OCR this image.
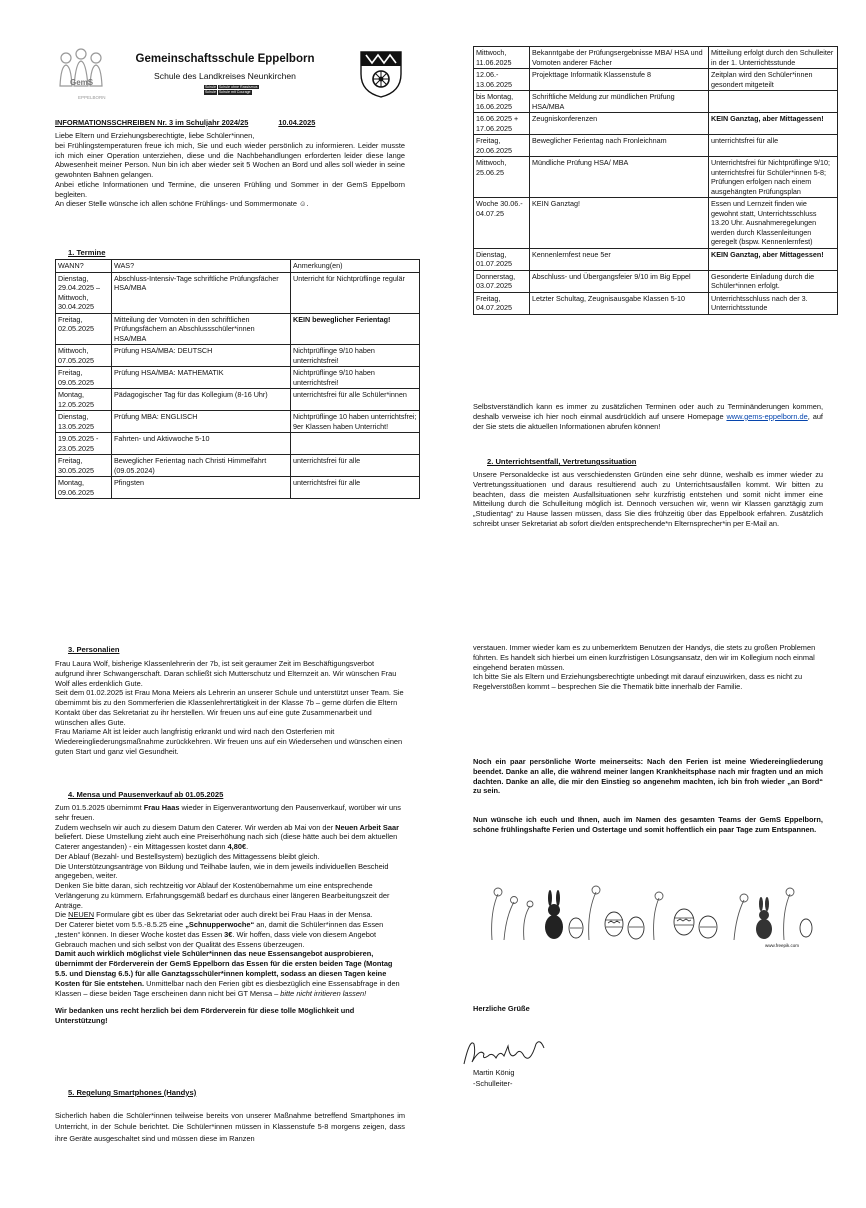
GemS
EPPELBORN
Gemeinschaftsschule Eppelborn
Schule des Landkreises Neunkirchen
Schule Schule ohne Rassismus
Schule Schule mit Courage
INFORMATIONSSCHREIBEN Nr. 3 im Schuljahr 2024/25	10.04.2025

Liebe Eltern und Erziehungsberechtigte, liebe Schüler*innen,

bei Frühlingstemperaturen freue ich mich, Sie und euch wieder persönlich zu informieren. Leider musste ich mich einer Operation unterziehen, diese und die Nachbehandlungen erforderten leider diese lange Abwesenheit meiner Person. Nun bin ich aber wieder seit 5 Wochen an Bord und alles soll wieder in seine gewohnten Bahnen gelangen.

Anbei etliche Informationen und Termine, die unseren Frühling und Sommer in der GemS Eppelborn begleiten.

An dieser Stelle wünsche ich allen schöne Frühlings- und Sommermonate ☺.

1. Termine
WANN?	WAS?	Anmerkung(en)
Dienstag, 29.04.2025 – Mittwoch, 30.04.2025	Abschluss-Intensiv-Tage schriftliche Prüfungsfächer HSA/MBA	Unterricht für Nichtprüflinge regulär
Freitag, 02.05.2025	Mitteilung der Vornoten in den schriftlichen Prüfungsfächern an Abschlussschüler*innen HSA/MBA	KEIN beweglicher Ferientag!
Mittwoch, 07.05.2025	Prüfung HSA/MBA: DEUTSCH	Nichtprüflinge 9/10 haben unterrichtsfrei!
Freitag, 09.05.2025	Prüfung HSA/MBA: MATHEMATIK	Nichtprüflinge 9/10 haben unterrichtsfrei!
Montag, 12.05.2025	Pädagogischer Tag für das Kollegium (8-16 Uhr)	unterrichtsfrei für alle Schüler*innen
Dienstag, 13.05.2025	Prüfung MBA: ENGLISCH	Nichtprüflinge 10 haben unterrichtsfrei; 9er Klassen haben Unterricht!
19.05.2025 - 23.05.2025	Fahrten- und Aktivwoche 5-10	
Freitag, 30.05.2025	Beweglicher Ferientag nach Christi Himmelfahrt (09.05.2024)	unterrichtsfrei für alle
Montag, 09.06.2025	Pfingsten	unterrichtsfrei für alle
Mittwoch, 11.06.2025	Bekanntgabe der Prüfungsergebnisse MBA/ HSA und Vornoten anderer Fächer	Mitteilung erfolgt durch den Schulleiter in der 1. Unterrichtsstunde
12.06.- 13.06.2025	Projekttage Informatik Klassenstufe 8	Zeitplan wird den Schüler*innen gesondert mitgeteilt
bis Montag, 16.06.2025	Schriftliche Meldung zur mündlichen Prüfung HSA/MBA	
16.06.2025 + 17.06.2025	Zeugniskonferenzen	KEIN Ganztag, aber Mittagessen!
Freitag, 20.06.2025	Beweglicher Ferientag nach Fronleichnam	unterrichtsfrei für alle
Mittwoch, 25.06.25	Mündliche Prüfung HSA/ MBA	Unterrichtsfrei für Nichtprüflinge 9/10; unterrichtsfrei für Schüler*innen 5-8; Prüfungen erfolgen nach einem ausgehängten Prüfungsplan
Woche 30.06.- 04.07.25	KEIN Ganztag!	Essen und Lernzeit finden wie gewohnt statt, Unterrichtsschluss 13.20 Uhr. Ausnahmeregelungen werden durch Klassenleitungen geregelt (bspw. Kennenlernfest)
Dienstag, 01.07.2025	Kennenlernfest neue 5er	KEIN Ganztag, aber Mittagessen!
Donnerstag, 03.07.2025	Abschluss- und Übergangsfeier 9/10 im Big Eppel	Gesonderte Einladung durch die Schüler*innen erfolgt.
Freitag, 04.07.2025	Letzter Schultag, Zeugnisausgabe Klassen 5-10	Unterrichtsschluss nach der 3. Unterrichtsstunde
Selbstverständlich kann es immer zu zusätzlichen Terminen oder auch zu Terminänderungen kommen, deshalb verweise ich hier noch einmal ausdrücklich auf unsere Homepage www.gems-eppelborn.de, auf der Sie stets die aktuellen Informationen abrufen können!
2. Unterrichtsentfall, Vertretungssituation
Unsere Personaldecke ist aus verschiedensten Gründen eine sehr dünne, weshalb es immer wieder zu Vertretungssituationen und daraus resultierend auch zu Unterrichtsausfällen kommt. Wir bitten zu beachten, dass die meisten Ausfallsituationen sehr kurzfristig entstehen und somit nicht immer eine Mitteilung durch die Schulleitung möglich ist. Dennoch versuchen wir, wenn wir Klassen ganztägig zum „Studientag“ zu Hause lassen müssen, dass Sie dies frühzeitig über das Eppelbook erfahren. Zusätzlich schreibt unser Sekretariat ab sofort die/den entsprechende*n Elternsprecher*in per E-Mail an.
3. Personalien

Frau Laura Wolf, bisherige Klassenlehrerin der 7b, ist seit geraumer Zeit im Beschäftigungsverbot aufgrund ihrer Schwangerschaft. Daran schließt sich Mutterschutz und Elternzeit an. Wir wünschen Frau Wolf alles erdenklich Gute.

Seit dem 01.02.2025 ist Frau Mona Meiers als Lehrerin an unserer Schule und unterstützt unser Team. Sie übernimmt bis zu den Sommerferien die Klassenlehrertätigkeit in der Klasse 7b – gerne dürfen die Eltern Kontakt über das Sekretariat zu ihr herstellen. Wir freuen uns auf eine gute Zusammenarbeit und wünschen alles Gute.

Frau Mariame Alt ist leider auch langfristig erkrankt und wird nach den Osterferien mit Wiedereingliederungsmaßnahme zurückkehren. Wir freuen uns auf ein Wiedersehen und wünschen einen guten Start und ganz viel Gesundheit.

4. Mensa und Pausenverkauf ab 01.05.2025

Zum 01.5.2025 übernimmt Frau Haas wieder in Eigenverantwortung den Pausenverkauf, worüber wir uns sehr freuen.

Zudem wechseln wir auch zu diesem Datum den Caterer. Wir werden ab Mai von der Neuen Arbeit Saar beliefert. Diese Umstellung zieht auch eine Preiserhöhung nach sich (diese hätte auch bei dem aktuellen Caterer angestanden) - ein Mittagessen kostet dann 4,80€.

Der Ablauf (Bezahl- und Bestellsystem) bezüglich des Mittagessens bleibt gleich.

Die Unterstützungsanträge von Bildung und Teilhabe laufen, wie in dem jeweils individuellen Bescheid angegeben, weiter.

Denken Sie bitte daran, sich rechtzeitig vor Ablauf der Kostenübernahme um eine entsprechende Verlängerung zu kümmern. Erfahrungsgemäß bedarf es durchaus einer längeren Bearbeitungszeit der Anträge.

Die NEUEN Formulare gibt es über das Sekretariat oder auch direkt bei Frau Haas in der Mensa.

Der Caterer bietet vom 5.5.-8.5.25 eine „Schnupperwoche“ an, damit die Schüler*innen das Essen „testen“ können. In dieser Woche kostet das Essen 3€. Wir hoffen, dass viele von diesem Angebot Gebrauch machen und sich selbst von der Qualität des Essens überzeugen.

Damit auch wirklich möglichst viele Schüler*innen das neue Essensangebot ausprobieren, übernimmt der Förderverein der GemS Eppelborn das Essen für die ersten beiden Tage (Montag 5.5. und Dienstag 6.5.) für alle Ganztagsschüler*innen komplett, sodass an diesen Tagen keine Kosten für Sie entstehen. Unmittelbar nach den Ferien gibt es diesbezüglich eine Essensabfrage in den Klassen – diese beiden Tage erscheinen dann nicht bei GT Mensa – bitte nicht irritieren lassen!

Wir bedanken uns recht herzlich bei dem Förderverein für diese tolle Möglichkeit und Unterstützung!

5. Regelung Smartphones (Handys)
Sicherlich haben die Schüler*innen teilweise bereits von unserer Maßnahme betreffend Smartphones im Unterricht, in der Schule berichtet. Die Schüler*innen müssen in Klassenstufe 5-8 morgens zeigen, dass ihre Geräte ausgeschaltet sind und müssen diese im Ranzen

verstauen. Immer wieder kam es zu unbemerktem Benutzen der Handys, die stets zu großen Problemen führten. Es handelt sich hierbei um einen kurzfristigen Lösungsansatz, den wir im Kollegium noch einmal eingehend beraten müssen.

Ich bitte Sie als Eltern und Erziehungsberechtigte unbedingt mit darauf einzuwirken, dass es nicht zu Regelverstößen kommt – besprechen Sie die Thematik bitte innerhalb der Familie.

Noch ein paar persönliche Worte meinerseits: Nach den Ferien ist meine Wiedereingliederung beendet. Danke an alle, die während meiner langen Krankheitsphase nach mir fragten und an mich dachten. Danke an alle, die mir den Einstieg so angenehm machten, ich bin froh wieder „an Bord“ zu sein.
Nun wünsche ich euch und Ihnen, auch im Namen des gesamten Teams der GemS Eppelborn, schöne frühlingshafte Ferien und Ostertage und somit hoffentlich ein paar Tage zum Entspannen.
www.freepik.com
Herzliche Grüße
Martin König
-Schulleiter-
